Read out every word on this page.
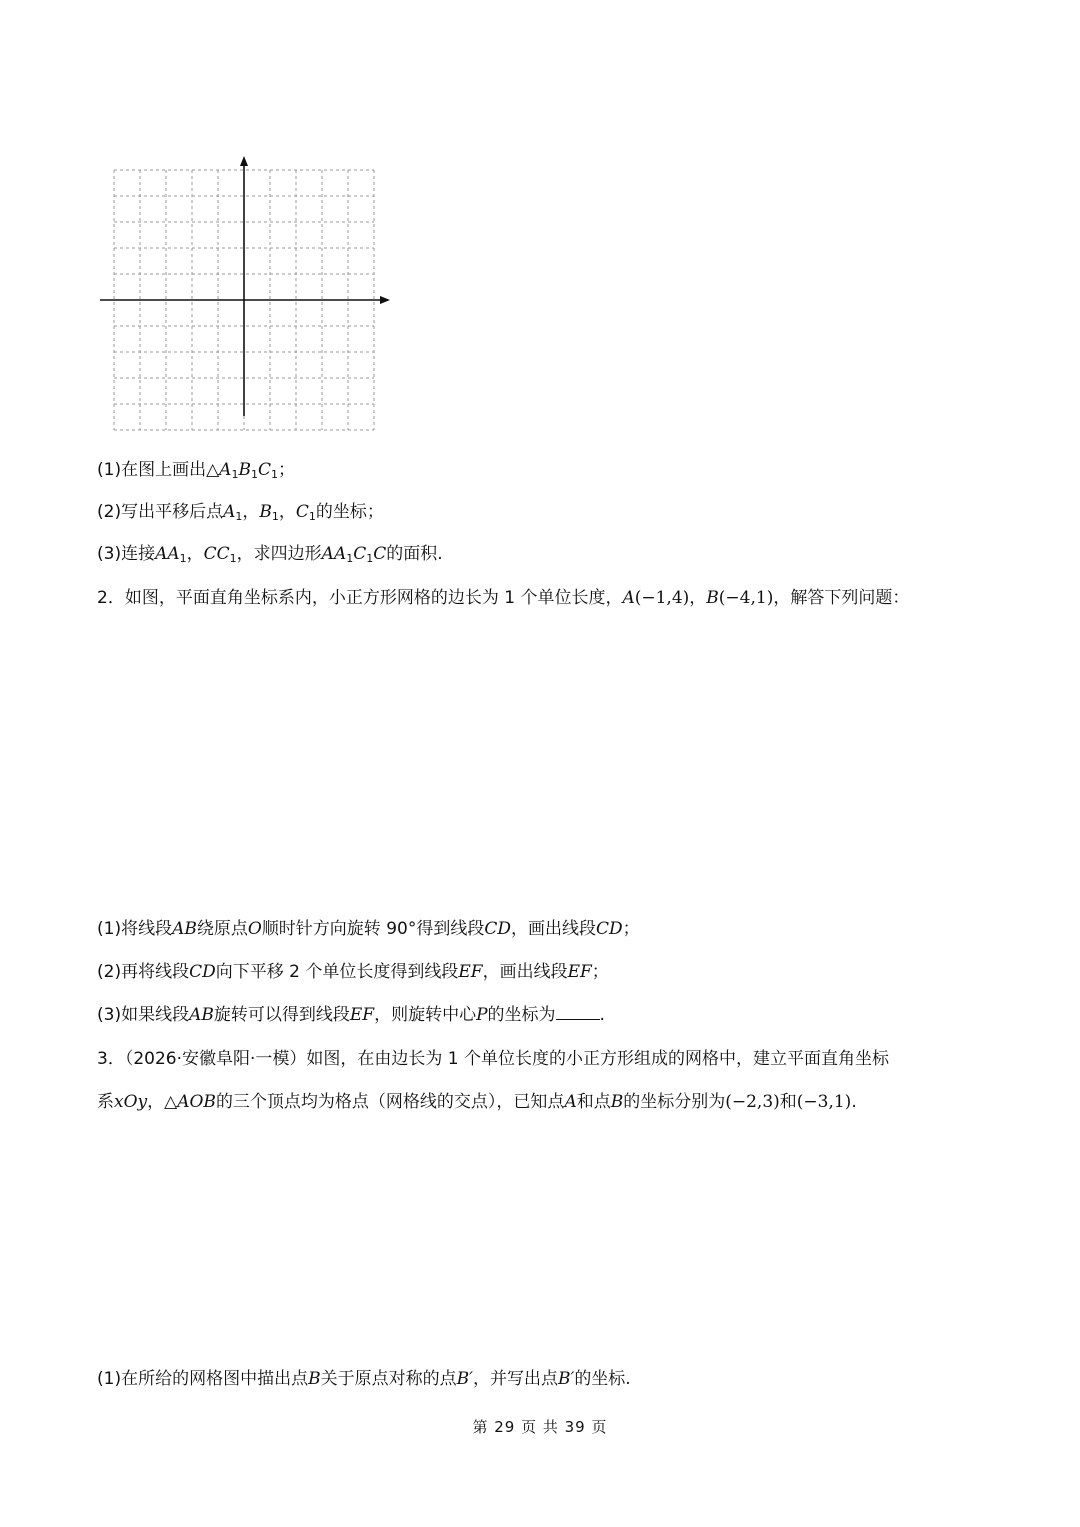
(1)在图上画出$\triangle A_1B_1C_1$；
(2)写出平移后点$A_1$，$B_1$，$C_1$的坐标；
(3)连接$AA_1$，$CC_1$，求四边形$AA_1C_1C$的面积.
2．如图，平面直角坐标系内，小正方形网格的边长为 1 个单位长度，A(−1,4)，B(−4,1)，解答下列问题：
(1)将线段AB绕原点O顺时针方向旋转 90°得到线段CD，画出线段CD；
(2)再将线段CD向下平移 2 个单位长度得到线段EF，画出线段EF；
(3)如果线段AB旋转可以得到线段EF，则旋转中心P的坐标为	.
3．（2026·安徽阜阳·一模）如图，在由边长为 1 个单位长度的小正方形组成的网格中，建立平面直角坐标
系xOy，△AOB的三个顶点均为格点（网格线的交点），已知点A和点B的坐标分别为(−2,3)和(−3,1).
(1)在所给的网格图中描出点B关于原点对称的点B′，并写出点B′的坐标.
第 29 页 共 39 页
